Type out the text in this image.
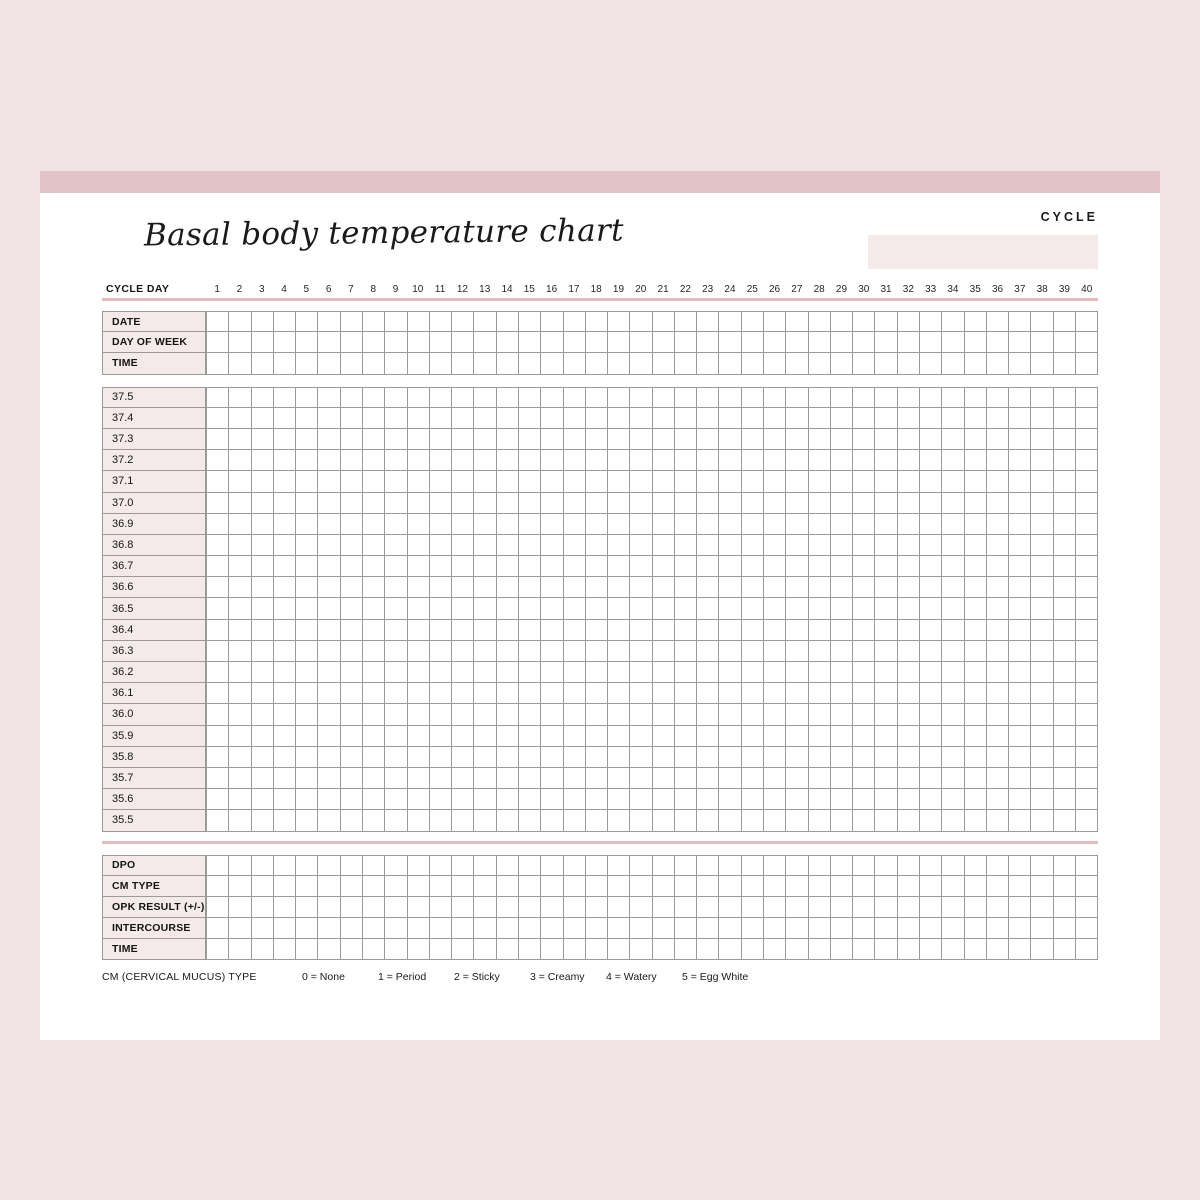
Basal body temperature chart	CYCLE
CYCLE DAY	1	2	3	4	5	6	7	8	9	10	11	12	13	14	15	16	17	18	19	20	21	22	23	24	25	26	27	28	29	30	31	32	33	34	35	36	37	38	39	40
DATE
DAY OF WEEK
TIME
37.5
37.4
37.3
37.2
37.1
37.0
36.9
36.8
36.7
36.6
36.5
36.4
36.3
36.2
36.1
36.0
35.9
35.8
35.7
35.6
35.5
DPO
CM TYPE
OPK RESULT (+/-)
INTERCOURSE
TIME
CM (CERVICAL MUCUS) TYPE	0 = None	1 = Period	2 = Sticky	3 = Creamy	4 = Watery	5 = Egg White
